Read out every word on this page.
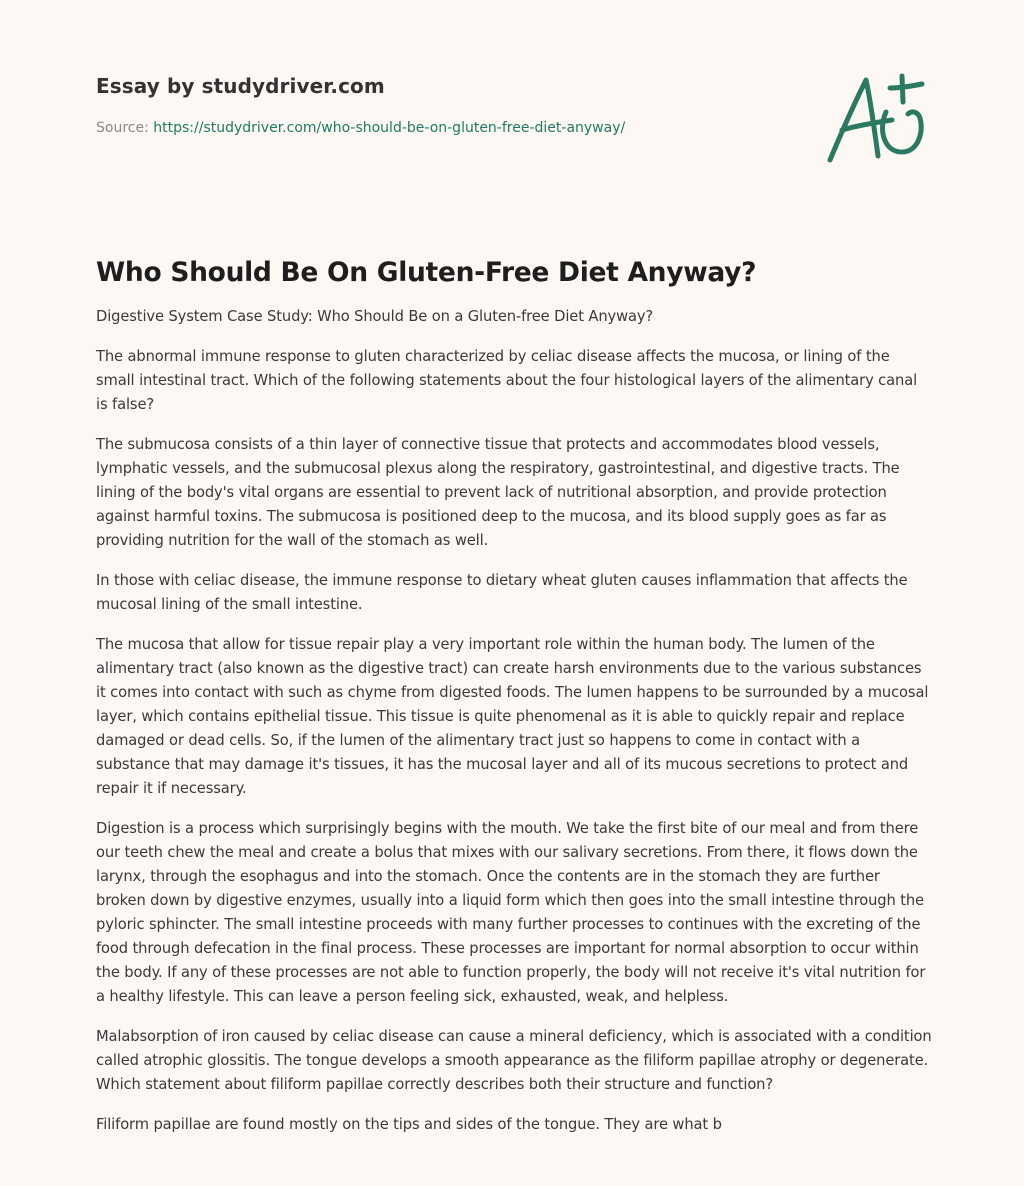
Essay by studydriver.com
Source: https://studydriver.com/who-should-be-on-gluten-free-diet-anyway/
Who Should Be On Gluten-Free Diet Anyway?

Digestive System Case Study: Who Should Be on a Gluten-free Diet Anyway?

The abnormal immune response to gluten characterized by celiac disease affects the mucosa, or lining of the small intestinal tract. Which of the following statements about the four histological layers of the alimentary canal is false?

The submucosa consists of a thin layer of connective tissue that protects and accommodates blood vessels, lymphatic vessels, and the submucosal plexus along the respiratory, gastrointestinal, and digestive tracts. The lining of the body's vital organs are essential to prevent lack of nutritional absorption, and provide protection against harmful toxins. The submucosa is positioned deep to the mucosa, and its blood supply goes as far as providing nutrition for the wall of the stomach as well.

In those with celiac disease, the immune response to dietary wheat gluten causes inflammation that affects the mucosal lining of the small intestine.

The mucosa that allow for tissue repair play a very important role within the human body. The lumen of the alimentary tract (also known as the digestive tract) can create harsh environments due to the various substances it comes into contact with such as chyme from digested foods. The lumen happens to be surrounded by a mucosal layer, which contains epithelial tissue. This tissue is quite phenomenal as it is able to quickly repair and replace damaged or dead cells. So, if the lumen of the alimentary tract just so happens to come in contact with a substance that may damage it's tissues, it has the mucosal layer and all of its mucous secretions to protect and repair it if necessary.

Digestion is a process which surprisingly begins with the mouth. We take the first bite of our meal and from there our teeth chew the meal and create a bolus that mixes with our salivary secretions. From there, it flows down the larynx, through the esophagus and into the stomach. Once the contents are in the stomach they are further broken down by digestive enzymes, usually into a liquid form which then goes into the small intestine through the pyloric sphincter. The small intestine proceeds with many further processes to continues with the excreting of the food through defecation in the final process. These processes are important for normal absorption to occur within the body. If any of these processes are not able to function properly, the body will not receive it's vital nutrition for a healthy lifestyle. This can leave a person feeling sick, exhausted, weak, and helpless.

Malabsorption of iron caused by celiac disease can cause a mineral deficiency, which is associated with a condition called atrophic glossitis. The tongue develops a smooth appearance as the filiform papillae atrophy or degenerate. Which statement about filiform papillae correctly describes both their structure and function?

Filiform papillae are found mostly on the tips and sides of the tongue. They are what b
